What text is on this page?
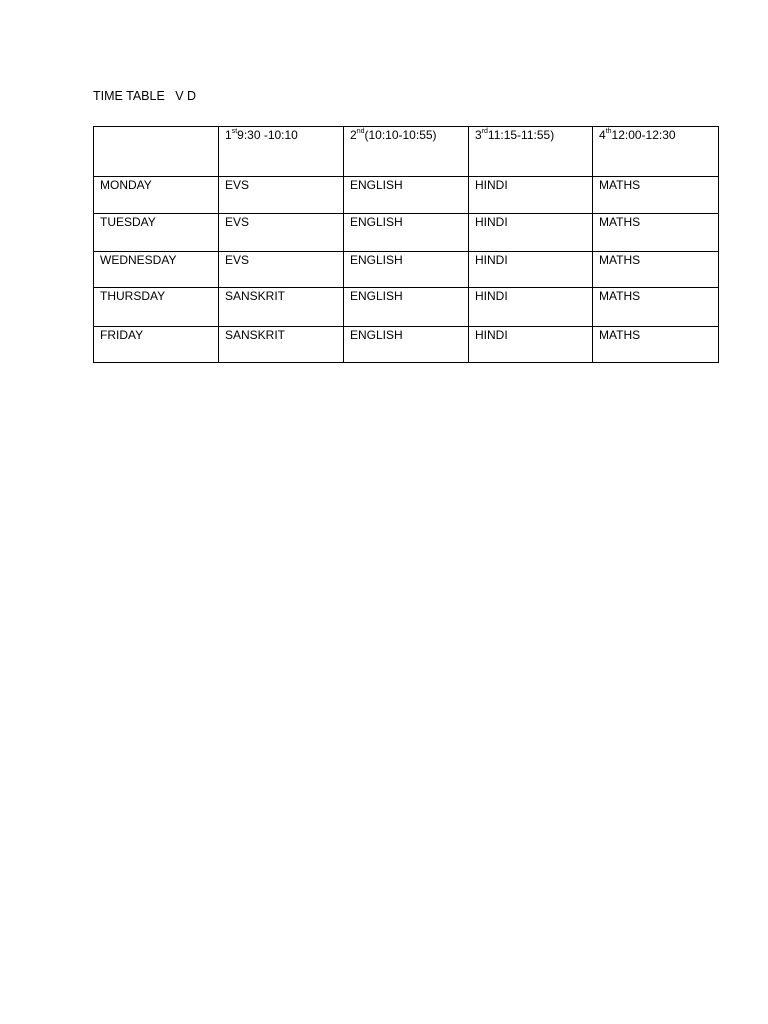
TIME TABLE   V D
	1st9:30 -10:10	2nd(10:10-10:55)	3rd11:15-11:55)	4th12:00-12:30
MONDAY	EVS	ENGLISH	HINDI	MATHS
TUESDAY	EVS	ENGLISH	HINDI	MATHS
WEDNESDAY	EVS	ENGLISH	HINDI	MATHS
THURSDAY	SANSKRIT	ENGLISH	HINDI	MATHS
FRIDAY	SANSKRIT	ENGLISH	HINDI	MATHS
